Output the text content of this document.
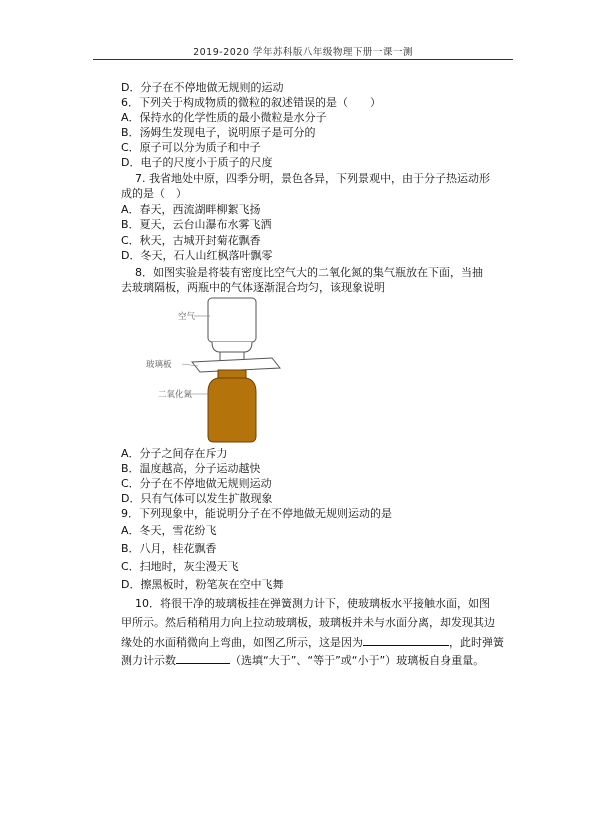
2019-2020 学年苏科版八年级物理下册一课一测
D．分子在不停地做无规则的运动
6．下列关于构成物质的微粒的叙述错误的是（　　）
A．保持水的化学性质的最小微粒是水分子
B．汤姆生发现电子，说明原子是可分的
C．原子可以分为质子和中子
D．电子的尺度小于质子的尺度
7. 我省地处中原，四季分明，景色各异，下列景观中，由于分子热运动形
成的是（　）
A．春天，西流湖畔柳絮飞扬
B．夏天，云台山瀑布水雾飞洒
C．秋天，古城开封菊花飘香
D．冬天，石人山红枫落叶飘零
8．如图实验是将装有密度比空气大的二氧化氮的集气瓶放在下面，当抽
去玻璃隔板，两瓶中的气体逐渐混合均匀，该现象说明
空气
玻璃板
二氧化氮
A．分子之间存在斥力
B．温度越高，分子运动越快
C．分子在不停地做无规则运动
D．只有气体可以发生扩散现象
9．下列现象中，能说明分子在不停地做无规则运动的是
A．冬天，雪花纷飞
B．八月，桂花飘香
C．扫地时，灰尘漫天飞
D．擦黑板时，粉笔灰在空中飞舞
10．将很干净的玻璃板挂在弹簧测力计下，使玻璃板水平接触水面，如图
甲所示。然后稍稍用力向上拉动玻璃板，玻璃板并未与水面分离，却发现其边
缘处的水面稍微向上弯曲，如图乙所示，这是因为	，此时弹簧
测力计示数	（选填“大于”、“等于”或“小于”）玻璃板自身重量。
